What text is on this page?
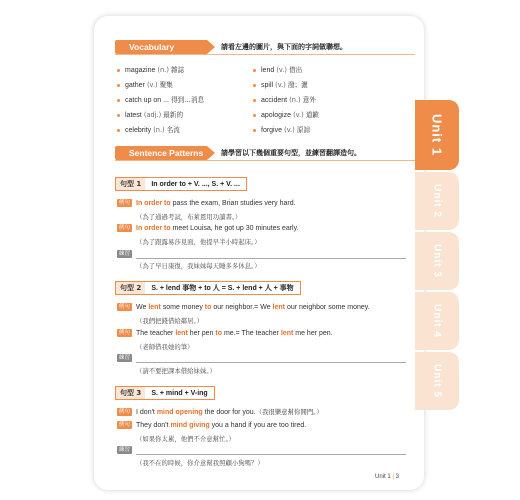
Unit 1
Unit 2
Unit 3
Unit 4
Unit 5
Vocabulary	請看左邊的圖片，與下面的字詞做聯想。
magazine (n.) 雜誌
gather (v.) 聚集
catch up on ... 得到…消息
latest (adj.) 最新的
celebrity (n.) 名流
lend (v.) 借出
spill (v.) 潑；灑
accident (n.) 意外
apologize (v.) 道歉
forgive (v.) 原諒
Sentence Patterns	請學習以下幾個重要句型，並練習翻譯造句。
句型 1	In order to + V. ..., S. + V. ...
例句 In order to pass the exam, Brian studies very hard.
（為了通過考試，布萊恩用功讀書。）
例句 In order to meet Louisa, he got up 30 minutes early.
（為了跟露易莎見面，他提早半小時起床。）
練習
（為了早日康復，我妹妹每天睡多多休息。）
句型 2	S. + lend 事物 + to 人 = S. + lend + 人 + 事物
例句 We lent some money to our neighbor.= We lent our neighbor some money.
（我們把錢借給鄰居。）
例句 The teacher lent her pen to me.= The teacher lent me her pen.
（老師借我她的筆）
練習
（請不要把課本借給妹妹。）
句型 3	S. + mind + V-ing
例句 I don't mind opening the door for you.（我很樂意幫你開門。）
例句 They don't mind giving you a hand if you are too tired.
（如果你太累，他們不介意幫忙。）
練習
（我不在的時候，你介意幫我照顧小狗嗎？）
Unit 1 | 3
